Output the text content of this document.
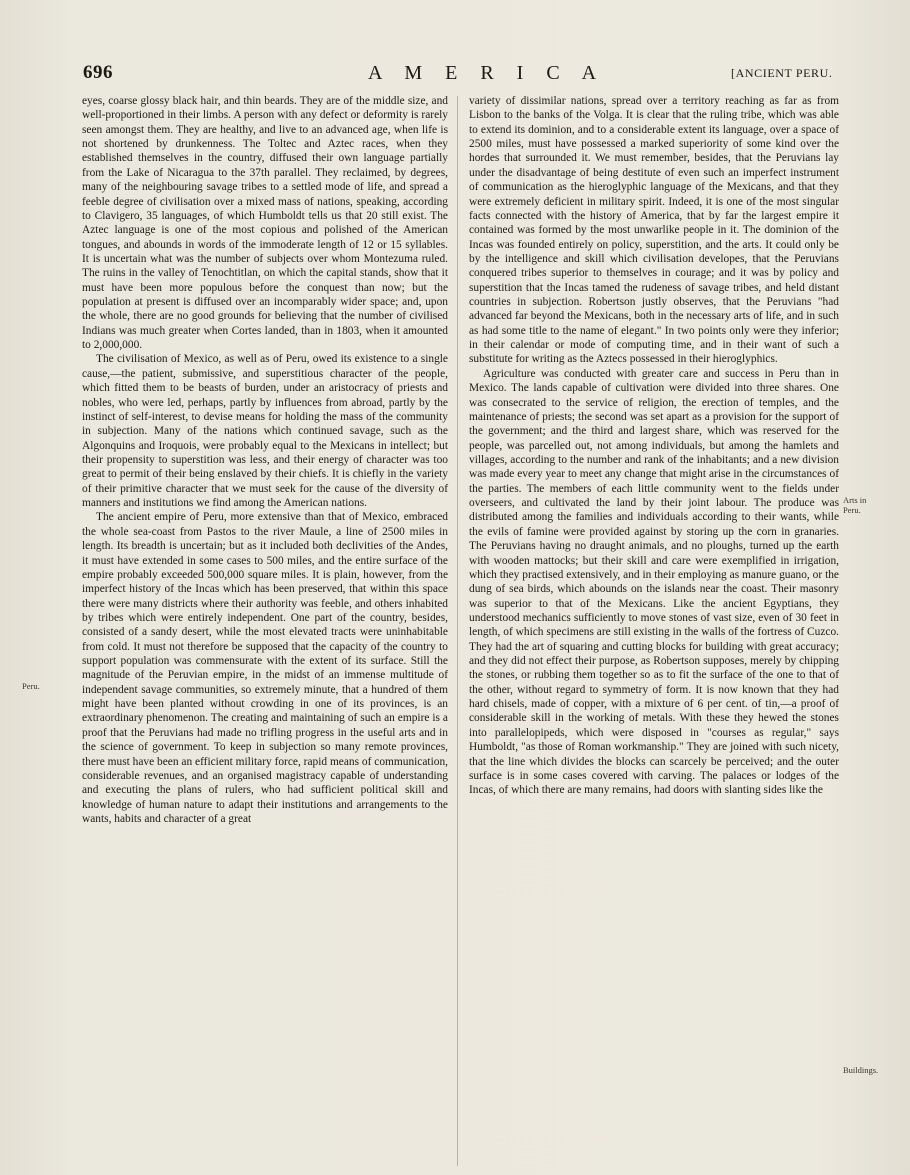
696	A M E R I C A	[ANCIENT PERU.
Peru.
Arts in Peru.
Buildings.

eyes, coarse glossy black hair, and thin beards. They are of the middle size, and well-proportioned in their limbs. A person with any defect or deformity is rarely seen amongst them. They are healthy, and live to an advanced age, when life is not shortened by drunkenness. The Toltec and Aztec races, when they established themselves in the country, diffused their own language partially from the Lake of Nicaragua to the 37th parallel. They reclaimed, by degrees, many of the neighbouring savage tribes to a settled mode of life, and spread a feeble degree of civilisation over a mixed mass of nations, speaking, according to Clavigero, 35 languages, of which Humboldt tells us that 20 still exist. The Aztec language is one of the most copious and polished of the American tongues, and abounds in words of the immoderate length of 12 or 15 syllables. It is uncertain what was the number of subjects over whom Montezuma ruled. The ruins in the valley of Tenochtitlan, on which the capital stands, show that it must have been more populous before the conquest than now; but the population at present is diffused over an incomparably wider space; and, upon the whole, there are no good grounds for believing that the number of civilised Indians was much greater when Cortes landed, than in 1803, when it amounted to 2,000,000.

The civilisation of Mexico, as well as of Peru, owed its existence to a single cause,—the patient, submissive, and superstitious character of the people, which fitted them to be beasts of burden, under an aristocracy of priests and nobles, who were led, perhaps, partly by influences from abroad, partly by the instinct of self-interest, to devise means for holding the mass of the community in subjection. Many of the nations which continued savage, such as the Algonquins and Iroquois, were probably equal to the Mexicans in intellect; but their propensity to superstition was less, and their energy of character was too great to permit of their being enslaved by their chiefs. It is chiefly in the variety of their primitive character that we must seek for the cause of the diversity of manners and institutions we find among the American nations.

The ancient empire of Peru, more extensive than that of Mexico, embraced the whole sea-coast from Pastos to the river Maule, a line of 2500 miles in length. Its breadth is uncertain; but as it included both declivities of the Andes, it must have extended in some cases to 500 miles, and the entire surface of the empire probably exceeded 500,000 square miles. It is plain, however, from the imperfect history of the Incas which has been preserved, that within this space there were many districts where their authority was feeble, and others inhabited by tribes which were entirely independent. One part of the country, besides, consisted of a sandy desert, while the most elevated tracts were uninhabitable from cold. It must not therefore be supposed that the capacity of the country to support population was commensurate with the extent of its surface. Still the magnitude of the Peruvian empire, in the midst of an immense multitude of independent savage communities, so extremely minute, that a hundred of them might have been planted without crowding in one of its provinces, is an extraordinary phenomenon. The creating and maintaining of such an empire is a proof that the Peruvians had made no trifling progress in the useful arts and in the science of government. To keep in subjection so many remote provinces, there must have been an efficient military force, rapid means of communication, considerable revenues, and an organised magistracy capable of understanding and executing the plans of rulers, who had sufficient political skill and knowledge of human nature to adapt their institutions and arrangements to the wants, habits and character of a great

variety of dissimilar nations, spread over a territory reaching as far as from Lisbon to the banks of the Volga. It is clear that the ruling tribe, which was able to extend its dominion, and to a considerable extent its language, over a space of 2500 miles, must have possessed a marked superiority of some kind over the hordes that surrounded it. We must remember, besides, that the Peruvians lay under the disadvantage of being destitute of even such an imperfect instrument of communication as the hieroglyphic language of the Mexicans, and that they were extremely deficient in military spirit. Indeed, it is one of the most singular facts connected with the history of America, that by far the largest empire it contained was formed by the most unwarlike people in it. The dominion of the Incas was founded entirely on policy, superstition, and the arts. It could only be by the intelligence and skill which civilisation developes, that the Peruvians conquered tribes superior to themselves in courage; and it was by policy and superstition that the Incas tamed the rudeness of savage tribes, and held distant countries in subjection. Robertson justly observes, that the Peruvians "had advanced far beyond the Mexicans, both in the necessary arts of life, and in such as had some title to the name of elegant." In two points only were they inferior; in their calendar or mode of computing time, and in their want of such a substitute for writing as the Aztecs possessed in their hieroglyphics.

Agriculture was conducted with greater care and success in Peru than in Mexico. The lands capable of cultivation were divided into three shares. One was consecrated to the service of religion, the erection of temples, and the maintenance of priests; the second was set apart as a provision for the support of the government; and the third and largest share, which was reserved for the people, was parcelled out, not among individuals, but among the hamlets and villages, according to the number and rank of the inhabitants; and a new division was made every year to meet any change that might arise in the circumstances of the parties. The members of each little community went to the fields under overseers, and cultivated the land by their joint labour. The produce was distributed among the families and individuals according to their wants, while the evils of famine were provided against by storing up the corn in granaries. The Peruvians having no draught animals, and no ploughs, turned up the earth with wooden mattocks; but their skill and care were exemplified in irrigation, which they practised extensively, and in their employing as manure guano, or the dung of sea birds, which abounds on the islands near the coast. Their masonry was superior to that of the Mexicans. Like the ancient Egyptians, they understood mechanics sufficiently to move stones of vast size, even of 30 feet in length, of which specimens are still existing in the walls of the fortress of Cuzco. They had the art of squaring and cutting blocks for building with great accuracy; and they did not effect their purpose, as Robertson supposes, merely by chipping the stones, or rubbing them together so as to fit the surface of the one to that of the other, without regard to symmetry of form. It is now known that they had hard chisels, made of copper, with a mixture of 6 per cent. of tin,—a proof of considerable skill in the working of metals. With these they hewed the stones into parallelopipeds, which were disposed in "courses as regular," says Humboldt, "as those of Roman workmanship." They are joined with such nicety, that the line which divides the blocks can scarcely be perceived; and the outer surface is in some cases covered with carving. The palaces or lodges of the Incas, of which there are many remains, had doors with slanting sides like the
